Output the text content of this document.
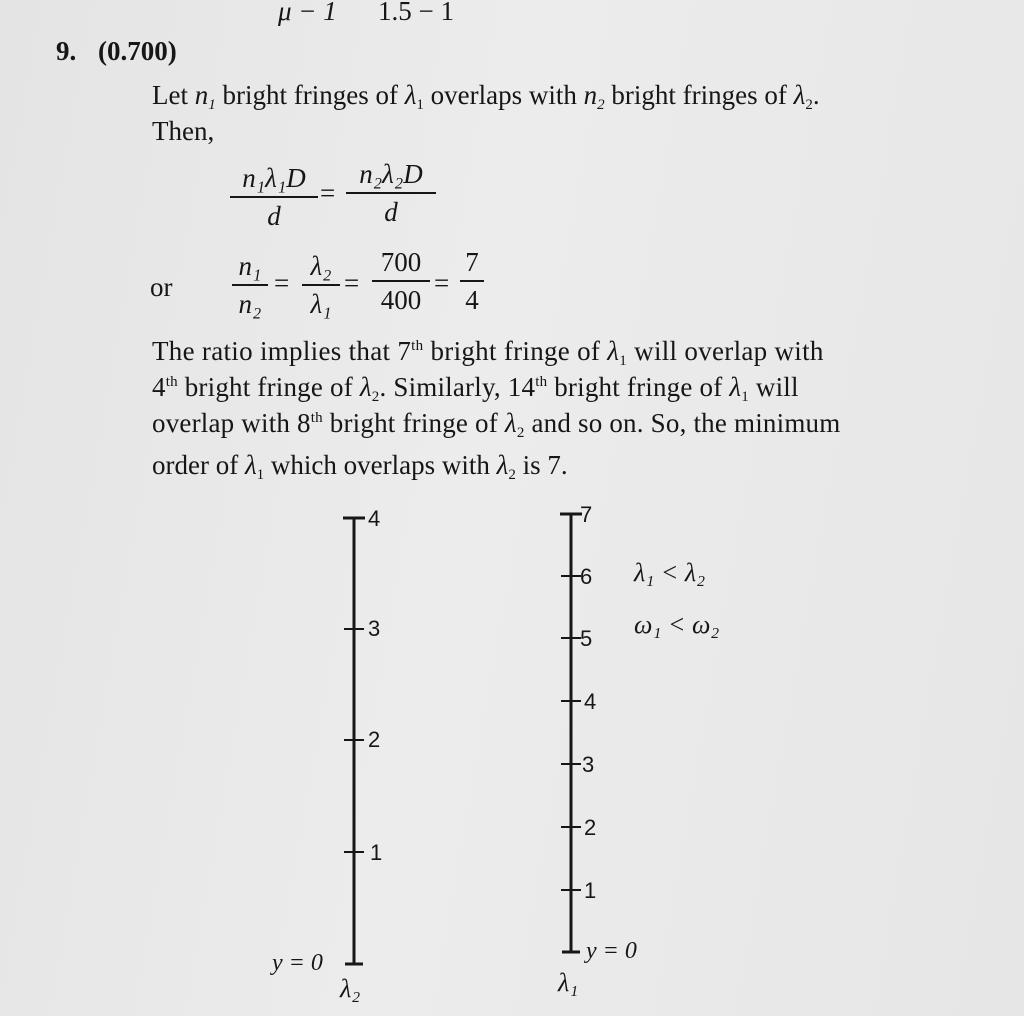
μ − 1 1.5 − 1
9. (0.700)
Let $n_1$ bright fringes of $\lambda_1$ overlaps with $n_2$ bright fringes of $\lambda_2$.
Then,
n₁λ₁D
d
=
n₂λ₂D
d
or
n₁
n₂
=
λ₂
λ₁
=
700
400
=
7
4
The ratio implies that 7th bright fringe of $\lambda_1$ will overlap with
4th bright fringe of $\lambda_2$. Similarly, 14th bright fringe of $\lambda_1$ will
overlap with 8th bright fringe of $\lambda_2$ and so on. So, the minimum
order of $\lambda_1$ which overlaps with $\lambda_2$ is 7.
4
3
2
1
y = 0
λ₂
7
6
5
4
3
2
1
y = 0
λ₁
λ₁ < λ₂
ω₁ < ω₂
